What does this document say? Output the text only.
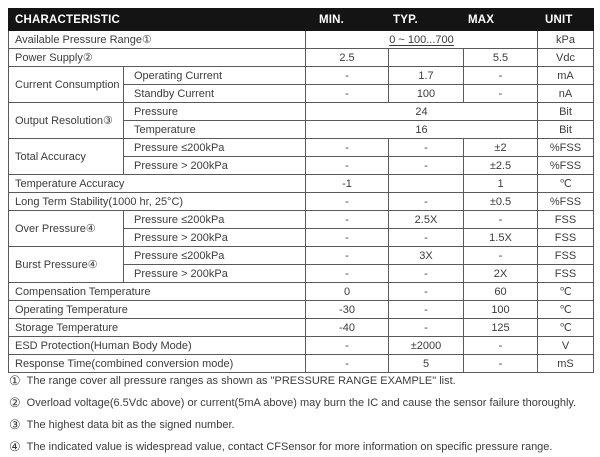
CHARACTERISTIC		MIN.	TYP.	MAX	UNIT
Available Pressure Range①		0 ~ 100...700			kPa
Power Supply②		2.5		5.5	Vdc
Current Consumption	Operating Current	-	1.7	-	mA
	Standby Current	-	100	-	nA
Output Resolution③	Pressure	24			Bit
	Temperature	16			Bit
Total Accuracy	Pressure ≤200kPa	-	-	±2	%FSS
	Pressure > 200kPa	-	-	±2.5	%FSS
Temperature Accuracy		-1		1	℃
Long Term Stability(1000 hr, 25°C)		-	-	±0.5	%FSS
Over Pressure④	Pressure ≤200kPa	-	2.5X	-	FSS
	Pressure > 200kPa	-	-	1.5X	FSS
Burst Pressure④	Pressure ≤200kPa	-	3X	-	FSS
	Pressure > 200kPa	-	-	2X	FSS
Compensation Temperature		0	-	60	℃
Operating Temperature		-30	-	100	℃
Storage Temperature		-40	-	125	℃
ESD Protection(Human Body Mode)		-	±2000	-	V
Response Time(combined conversion mode)		-	5	-	mS
① The range cover all pressure ranges as shown as "PRESSURE RANGE EXAMPLE" list.
② Overload voltage(6.5Vdc above) or current(5mA above) may burn the IC and cause the sensor failure thoroughly.
③ The highest data bit as the signed number.
④ The indicated value is widespread value, contact CFSensor for more information on specific pressure range.
